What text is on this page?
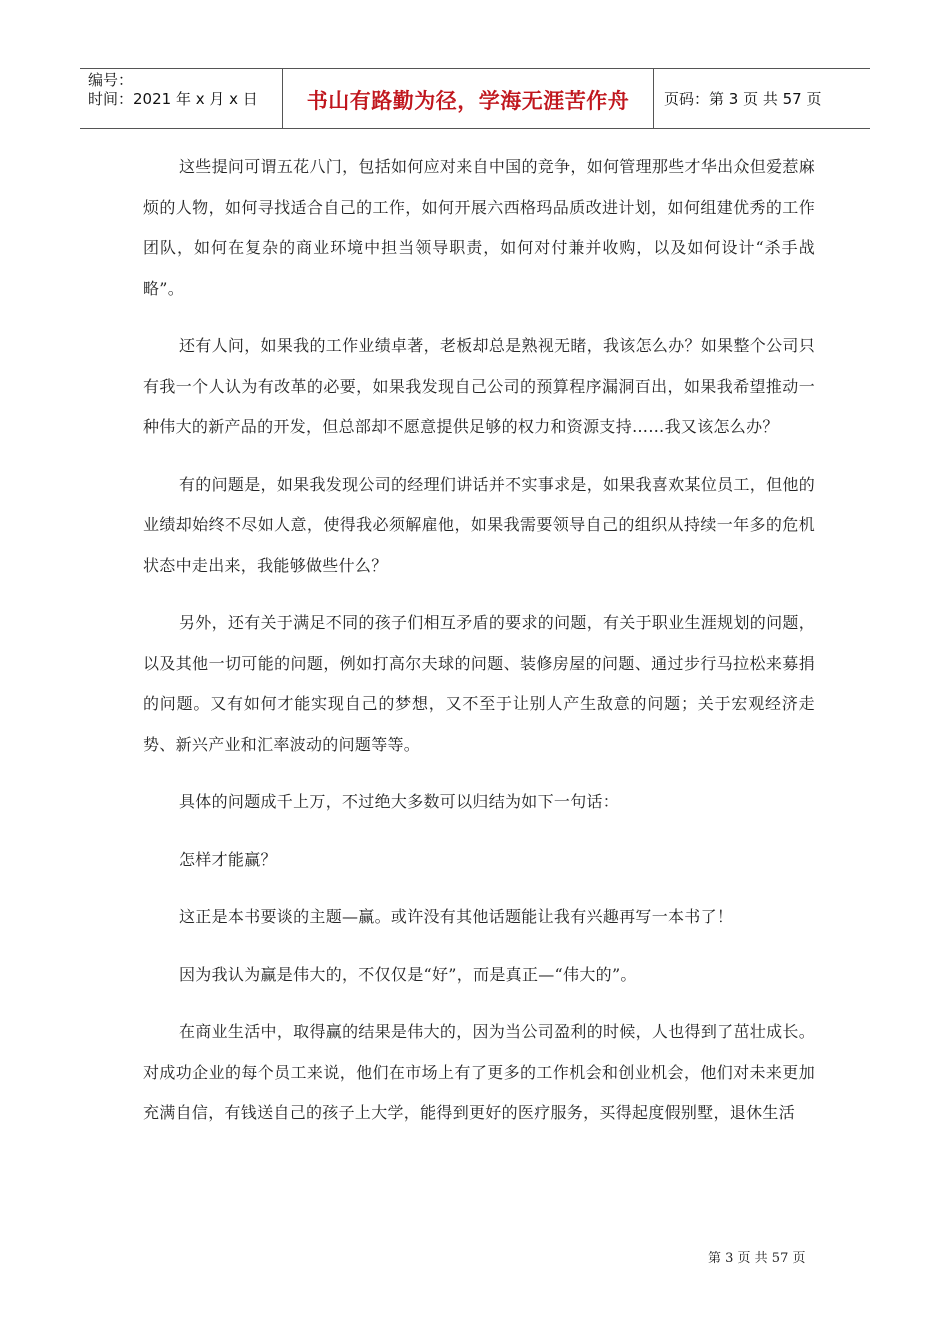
编号：
时间：2021 年 x 月 x 日	书山有路勤为径，学海无涯苦作舟 页码：第 3 页 共 57 页

这些提问可谓五花八门，包括如何应对来自中国的竞争，如何管理那些才华出众但爱惹麻烦的人物，如何寻找适合自己的工作，如何开展六西格玛品质改进计划，如何组建优秀的工作团队，如何在复杂的商业环境中担当领导职责，如何对付兼并收购，以及如何设计“杀手战略”。

还有人问，如果我的工作业绩卓著，老板却总是熟视无睹，我该怎么办？如果整个公司只有我一个人认为有改革的必要，如果我发现自己公司的预算程序漏洞百出，如果我希望推动一种伟大的新产品的开发，但总部却不愿意提供足够的权力和资源支持……我又该怎么办？

有的问题是，如果我发现公司的经理们讲话并不实事求是，如果我喜欢某位员工，但他的业绩却始终不尽如人意，使得我必须解雇他，如果我需要领导自己的组织从持续一年多的危机状态中走出来，我能够做些什么？

另外，还有关于满足不同的孩子们相互矛盾的要求的问题，有关于职业生涯规划的问题，以及其他一切可能的问题，例如打高尔夫球的问题、装修房屋的问题、通过步行马拉松来募捐的问题。又有如何才能实现自己的梦想，又不至于让别人产生敌意的问题；关于宏观经济走势、新兴产业和汇率波动的问题等等。

具体的问题成千上万，不过绝大多数可以归结为如下一句话：

怎样才能赢？

这正是本书要谈的主题—赢。或许没有其他话题能让我有兴趣再写一本书了！

因为我认为赢是伟大的，不仅仅是“好”，而是真正—“伟大的”。

在商业生活中，取得赢的结果是伟大的，因为当公司盈利的时候，人也得到了茁壮成长。对成功企业的每个员工来说，他们在市场上有了更多的工作机会和创业机会，他们对未来更加充满自信，有钱送自己的孩子上大学，能得到更好的医疗服务，买得起度假别墅，退休生活

第 3 页 共 57 页
